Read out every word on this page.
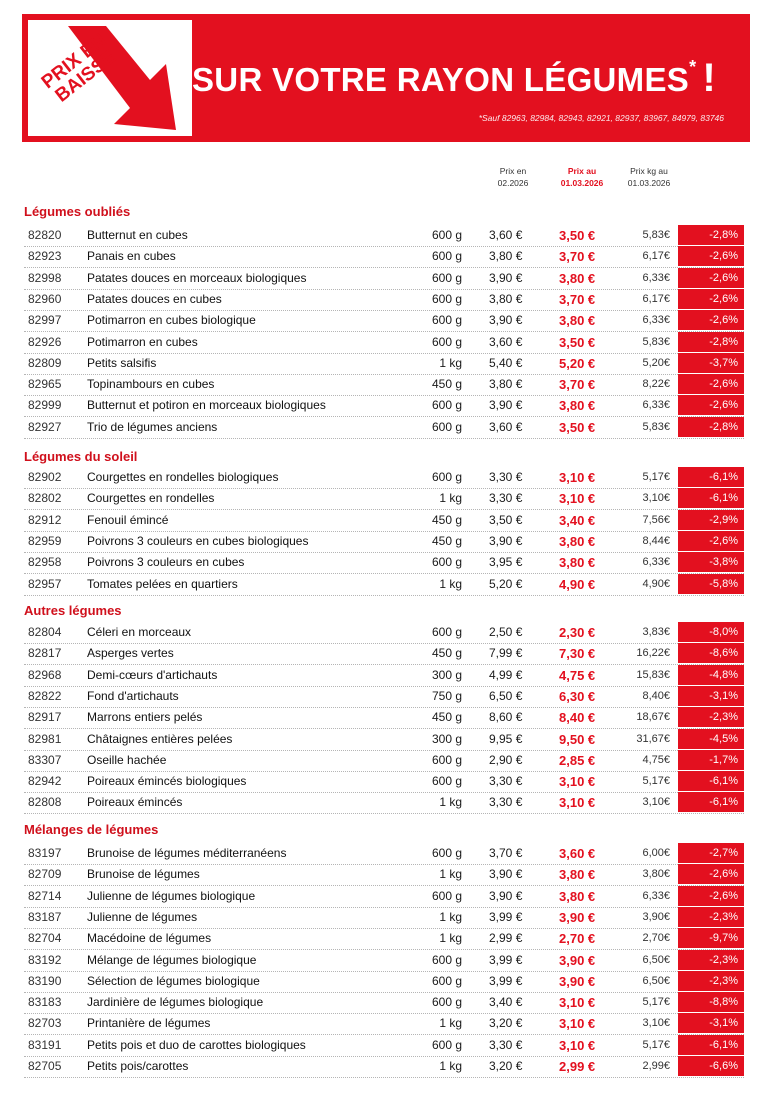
PRIX EN BAISSE SUR VOTRE RAYON LÉGUMES* !
*Sauf 82963, 82984, 82943, 82921, 82937, 83967, 84979, 83746
Prix en 02.2026
Prix au 01.03.2026
Prix kg au 01.03.2026
Légumes oubliés
82820 Butternut en cubes	600 g 3,60 €	3,50 €	5,83€	-2,8%
82923 Panais en cubes	600 g 3,80 €	3,70 €	6,17€	-2,6%
82998 Patates douces en morceaux biologiques	600 g 3,90 €	3,80 €	6,33€	-2,6%
82960 Patates douces en cubes	600 g 3,80 €	3,70 €	6,17€	-2,6%
82997 Potimarron en cubes biologique	600 g 3,90 €	3,80 €	6,33€	-2,6%
82926 Potimarron en cubes	600 g 3,60 €	3,50 €	5,83€	-2,8%
82809 Petits salsifis	1 kg 5,40 €	5,20 €	5,20€	-3,7%
82965 Topinambours en cubes	450 g 3,80 €	3,70 €	8,22€	-2,6%
82999 Butternut et potiron en morceaux biologiques	600 g 3,90 €	3,80 €	6,33€	-2,6%
82927 Trio de légumes anciens	600 g 3,60 €	3,50 €	5,83€	-2,8%
Légumes du soleil
82902 Courgettes en rondelles biologiques	600 g 3,30 €	3,10 €	5,17€	-6,1%
82802 Courgettes en rondelles	1 kg 3,30 €	3,10 €	3,10€	-6,1%
82912 Fenouil émincé	450 g 3,50 €	3,40 €	7,56€	-2,9%
82959 Poivrons 3 couleurs en cubes biologiques	450 g 3,90 €	3,80 €	8,44€	-2,6%
82958 Poivrons 3 couleurs en cubes	600 g 3,95 €	3,80 €	6,33€	-3,8%
82957 Tomates pelées en quartiers	1 kg 5,20 €	4,90 €	4,90€	-5,8%
Autres légumes
82804 Céleri en morceaux	600 g 2,50 €	2,30 €	3,83€	-8,0%
82817 Asperges vertes	450 g 7,99 €	7,30 €	16,22€	-8,6%
82968 Demi-cœurs d'artichauts	300 g 4,99 €	4,75 €	15,83€	-4,8%
82822 Fond d'artichauts	750 g 6,50 €	6,30 €	8,40€	-3,1%
82917 Marrons entiers pelés	450 g 8,60 €	8,40 €	18,67€	-2,3%
82981 Châtaignes entières pelées	300 g 9,95 €	9,50 €	31,67€	-4,5%
83307 Oseille hachée	600 g 2,90 €	2,85 €	4,75€	-1,7%
82942 Poireaux émincés biologiques	600 g 3,30 €	3,10 €	5,17€	-6,1%
82808 Poireaux émincés	1 kg 3,30 €	3,10 €	3,10€	-6,1%
Mélanges de légumes
83197 Brunoise de légumes méditerranéens	600 g 3,70 €	3,60 €	6,00€	-2,7%
82709 Brunoise de légumes	1 kg 3,90 €	3,80 €	3,80€	-2,6%
82714 Julienne de légumes biologique	600 g 3,90 €	3,80 €	6,33€	-2,6%
83187 Julienne de légumes	1 kg 3,99 €	3,90 €	3,90€	-2,3%
82704 Macédoine de légumes	1 kg 2,99 €	2,70 €	2,70€	-9,7%
83192 Mélange de légumes biologique	600 g 3,99 €	3,90 €	6,50€	-2,3%
83190 Sélection de légumes biologique	600 g 3,99 €	3,90 €	6,50€	-2,3%
83183 Jardinière de légumes biologique	600 g 3,40 €	3,10 €	5,17€	-8,8%
82703 Printanière de légumes	1 kg 3,20 €	3,10 €	3,10€	-3,1%
83191 Petits pois et duo de carottes biologiques	600 g 3,30 €	3,10 €	5,17€	-6,1%
82705 Petits pois/carottes	1 kg 3,20 €	2,99 €	2,99€	-6,6%
